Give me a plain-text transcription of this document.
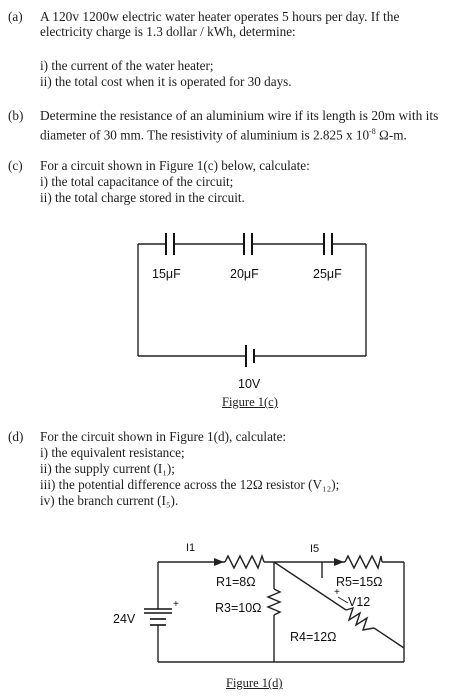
(a) A 120v 1200w electric water heater operates 5 hours per day. If the
electricity charge is 1.3 dollar / kWh, determine:
i) the current of the water heater;
ii) the total cost when it is operated for 30 days.
(b) Determine the resistance of an aluminium wire if its length is 20m with its
diameter of 30 mm. The resistivity of aluminium is 2.825 x $10^{-8}$ Ω-m.
(c) For a circuit shown in Figure 1(c) below, calculate:
i) the total capacitance of the circuit;
ii) the total charge stored in the circuit.
15μF	20μF	25μF
10V
Figure 1(c)
(d) For the circuit shown in Figure 1(d), calculate:
i) the equivalent resistance;
ii) the supply current (I₁);
iii) the potential difference across the 12Ω resistor (V₁₂);
iv) the branch current (I₅).
I1	I5
R1=8Ω	R5=15Ω
R3=10Ω	V12
+
+
R4=12Ω
24V
Figure 1(d)
